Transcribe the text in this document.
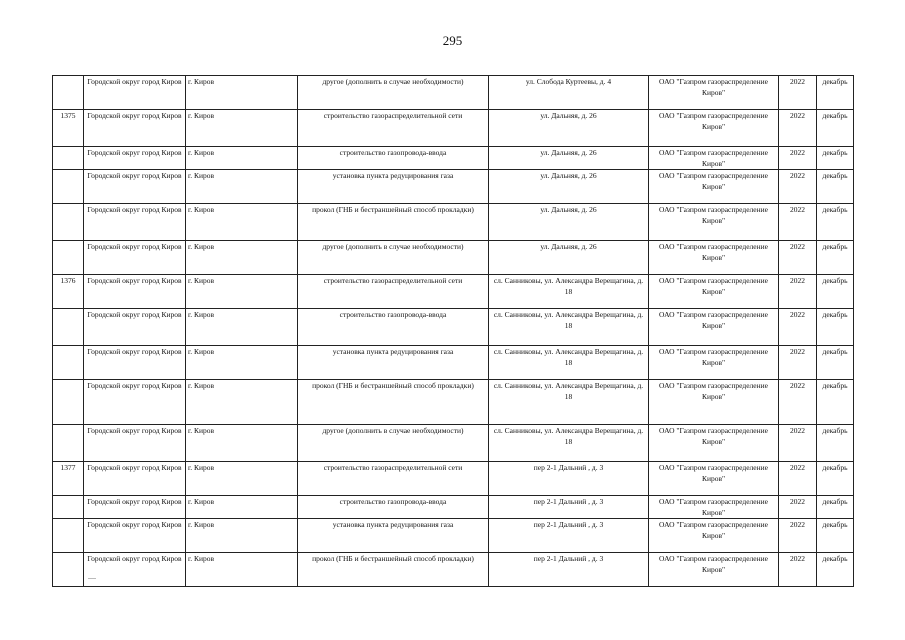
295
	Городской округ город Киров	г. Киров	другое (дополнить в случае необходимости)	ул. Слобода Куртеевы, д. 4	ОАО "Газпром газораспределение Киров"	2022	декабрь
1375	Городской округ город Киров	г. Киров	строительство газораспределительной сети	ул. Дальняя, д. 26	ОАО "Газпром газораспределение Киров"	2022	декабрь
	Городской округ город Киров	г. Киров	строительство газопровода-ввода	ул. Дальняя, д. 26	ОАО "Газпром газораспределение Киров"	2022	декабрь
	Городской округ город Киров	г. Киров	установка пункта редуцирования газа	ул. Дальняя, д. 26	ОАО "Газпром газораспределение Киров"	2022	декабрь
	Городской округ город Киров	г. Киров	прокол (ГНБ и бестраншейный способ прокладки)	ул. Дальняя, д. 26	ОАО "Газпром газораспределение Киров"	2022	декабрь
	Городской округ город Киров	г. Киров	другое (дополнить в случае необходимости)	ул. Дальняя, д. 26	ОАО "Газпром газораспределение Киров"	2022	декабрь
1376	Городской округ город Киров	г. Киров	строительство газораспределительной сети	сл. Санниковы, ул. Александра Верещагина, д. 18	ОАО "Газпром газораспределение Киров"	2022	декабрь
	Городской округ город Киров	г. Киров	строительство газопровода-ввода	сл. Санниковы, ул. Александра Верещагина, д. 18	ОАО "Газпром газораспределение Киров"	2022	декабрь
	Городской округ город Киров	г. Киров	установка пункта редуцирования газа	сл. Санниковы, ул. Александра Верещагина, д. 18	ОАО "Газпром газораспределение Киров"	2022	декабрь
	Городской округ город Киров	г. Киров	прокол (ГНБ и бестраншейный способ прокладки)	сл. Санниковы, ул. Александра Верещагина, д. 18	ОАО "Газпром газораспределение Киров"	2022	декабрь
	Городской округ город Киров	г. Киров	другое (дополнить в случае необходимости)	сл. Санниковы, ул. Александра Верещагина, д. 18	ОАО "Газпром газораспределение Киров"	2022	декабрь
1377	Городской округ город Киров	г. Киров	строительство газораспределительной сети	пер 2-1 Дальний , д. 3	ОАО "Газпром газораспределение Киров"	2022	декабрь
	Городской округ город Киров	г. Киров	строительство газопровода-ввода	пер 2-1 Дальний , д. 3	ОАО "Газпром газораспределение Киров"	2022	декабрь
	Городской округ город Киров	г. Киров	установка пункта редуцирования газа	пер 2-1 Дальний , д. 3	ОАО "Газпром газораспределение Киров"	2022	декабрь
	Городской округ город Киров	г. Киров	прокол (ГНБ и бестраншейный способ прокладки)	пер 2-1 Дальний , д. 3	ОАО "Газпром газораспределение Киров"	2022	декабрь
